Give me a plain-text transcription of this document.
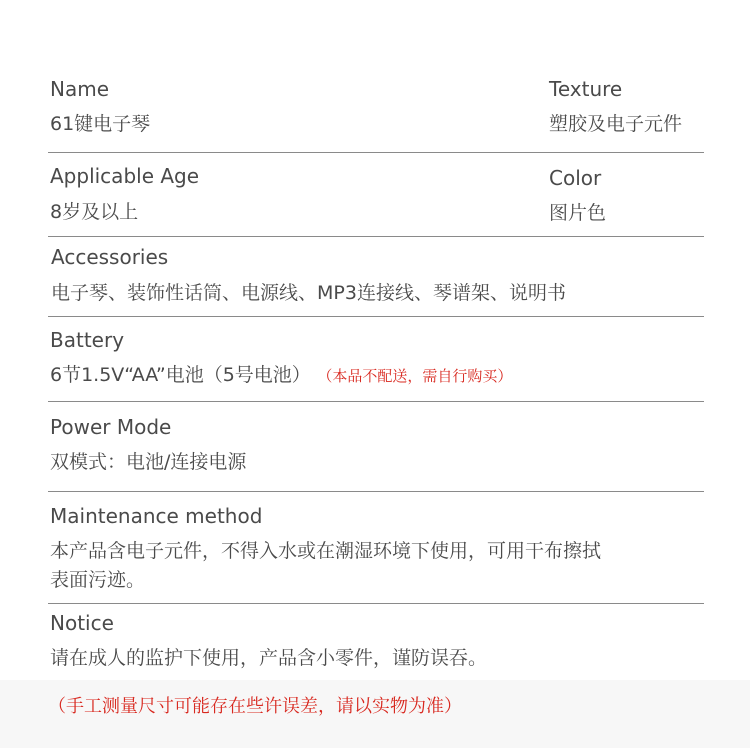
Name
61键电子琴
Texture
塑胶及电子元件
Applicable Age
8岁及以上
Color
图片色
Accessories
电子琴、装饰性话筒、电源线、MP3连接线、琴谱架、说明书
Battery
6节1.5V“AA”电池（5号电池） （本品不配送，需自行购买）
Power Mode
双模式：电池/连接电源
Maintenance method
本产品含电子元件，不得入水或在潮湿环境下使用，可用干布擦拭
表面污迹。
Notice
请在成人的监护下使用，产品含小零件，谨防误吞。
（手工测量尺寸可能存在些许误差，请以实物为准）
